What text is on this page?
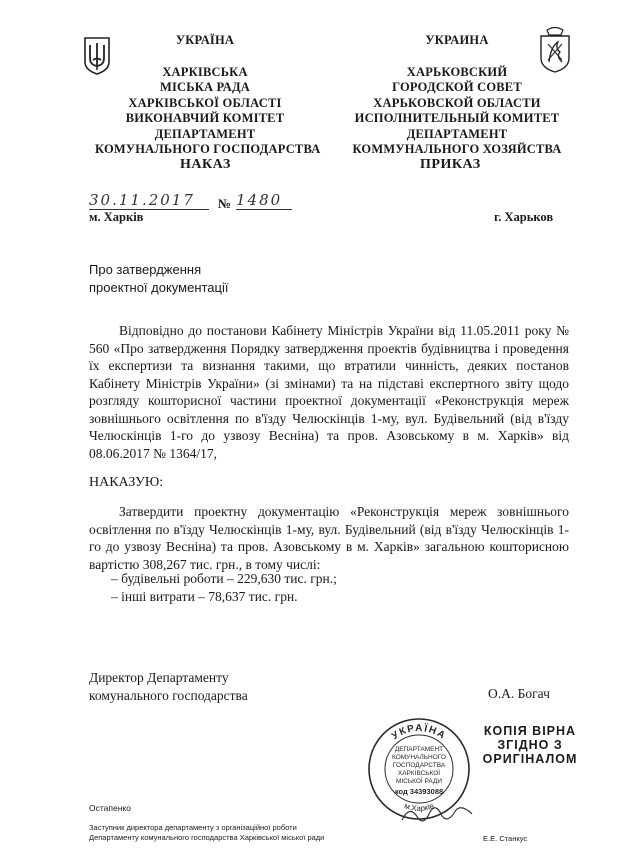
УКРАЇНА
ХАРКІВСЬКА
МІСЬКА РАДА
ХАРКІВСЬКОЇ ОБЛАСТІ
ВИКОНАВЧИЙ КОМІТЕТ
ДЕПАРТАМЕНТ
КОМУНАЛЬНОГО ГОСПОДАРСТВА
УКРАИНА
ХАРЬКОВСКИЙ
ГОРОДСКОЙ СОВЕТ
ХАРЬКОВСКОЙ ОБЛАСТИ
ИСПОЛНИТЕЛЬНЫЙ КОМИТЕТ
ДЕПАРТАМЕНТ
КОММУНАЛЬНОГО ХОЗЯЙСТВА
НАКАЗ	ПРИКАЗ
30.11.2017	№ 1480
м. Харків	г. Харьков
Про затвердження
проектної документації
Відповідно до постанови Кабінету Міністрів України від 11.05.2011 року № 560 «Про затвердження Порядку затвердження проектів будівництва і проведення їх експертизи та визнання такими, що втратили чинність, деяких постанов Кабінету Міністрів України» (зі змінами) та на підставі експертного звіту щодо розгляду кошторисної частини проектної документації «Реконструкція мереж зовнішнього освітлення по в'їзду Челюскінців 1-му, вул. Будівельний (від в'їзду Челюскінців 1-го до узвозу Весніна) та пров. Азовському в м. Харків» від 08.06.2017 № 1364/17,
НАКАЗУЮ:
Затвердити проектну документацію «Реконструкція мереж зовнішнього освітлення по в'їзду Челюскінців 1-му, вул. Будівельний (від в'їзду Челюскінців 1-го до узвозу Весніна) та пров. Азовському в м. Харків» загальною кошторисною вартістю 308,267 тис. грн., в тому числі:
– будівельні роботи – 229,630 тис. грн.;
– інші витрати – 78,637 тис. грн.
Директор Департаменту
комунального господарства	О.А. Богач
УКРАЇНА
м.Харків
ДЕПАРТАМЕНТ
КОМУНАЛЬНОГО
ГОСПОДАРСТВА
ХАРКІВСЬКОЇ
МІСЬКОЇ РАДИ
код 34393088
КОПІЯ ВІРНА
ЗГІДНО З
ОРИГІНАЛОМ
Остапенко
Заступник директора департаменту з організаційної роботи
Департаменту комунального господарства Харківської міської ради	Е.Е. Станкус
